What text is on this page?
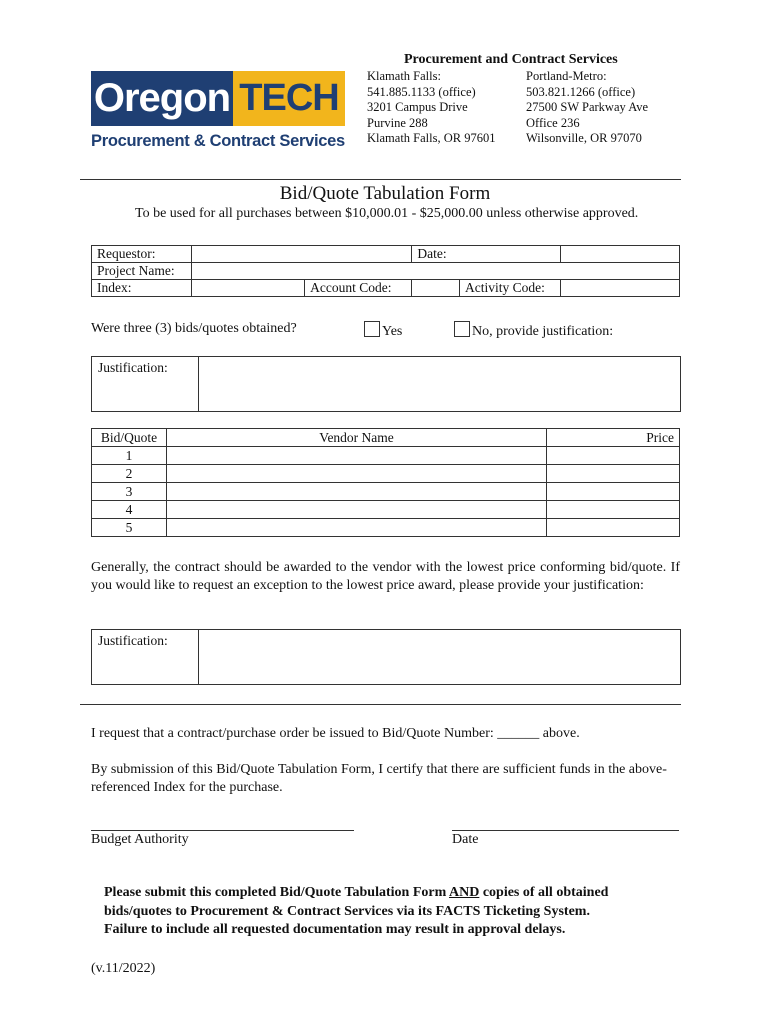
Oregon TECH
Procurement & Contract Services
Procurement and Contract Services
Klamath Falls:
541.885.1133 (office)
3201 Campus Drive
Purvine 288
Klamath Falls, OR 97601
Portland-Metro:
503.821.1266 (office)
27500 SW Parkway Ave
Office 236
Wilsonville, OR 97070
Bid/Quote Tabulation Form
To be used for all purchases between $10,000.01 - $25,000.00 unless otherwise approved.
Requestor:			Date:		
Project Name:					
Index:		Account Code:		Activity Code:	
Were three (3) bids/quotes obtained?	Yes	No, provide justification:
Justification:
Bid/Quote	Vendor Name	Price
1		
2		
3		
4		
5		
Generally, the contract should be awarded to the vendor with the lowest price conforming bid/quote. If you would like to request an exception to the lowest price award, please provide your justification:
Justification:
I request that a contract/purchase order be issued to Bid/Quote Number: ______ above.
By submission of this Bid/Quote Tabulation Form, I certify that there are sufficient funds in the above-referenced Index for the purchase.
Budget Authority	Date
Please submit this completed Bid/Quote Tabulation Form AND copies of all obtained
bids/quotes to Procurement & Contract Services via its FACTS Ticketing System.
Failure to include all requested documentation may result in approval delays.
(v.11/2022)
